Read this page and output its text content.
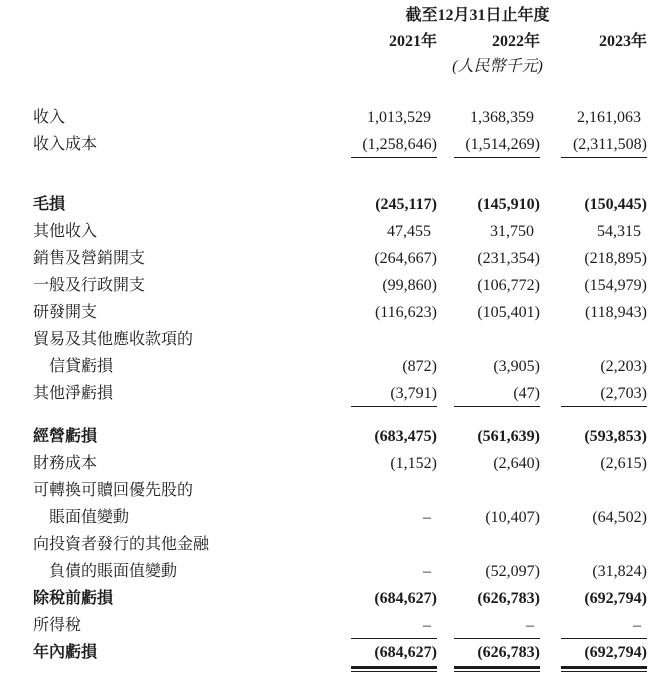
截至12月31日止年度
2021年	2022年	2023年
(人民幣千元)
收入	1,013,529	1,368,359	2,161,063
收入成本	(1,258,646)	(1,514,269)	(2,311,508)
毛損	(245,117)	(145,910)	(150,445)
其他收入	47,455	31,750	54,315
銷售及營銷開支	(264,667)	(231,354)	(218,895)
一般及行政開支	(99,860)	(106,772)	(154,979)
研發開支	(116,623)	(105,401)	(118,943)
貿易及其他應收款項的
信貸虧損	(872)	(3,905)	(2,203)
其他淨虧損	(3,791)	(47)	(2,703)
經營虧損	(683,475)	(561,639)	(593,853)
財務成本	(1,152)	(2,640)	(2,615)
可轉換可贖回優先股的
賬面值變動	–	(10,407)	(64,502)
向投資者發行的其他金融
負債的賬面值變動	–	(52,097)	(31,824)
除稅前虧損	(684,627)	(626,783)	(692,794)
所得稅	–	–	–
年內虧損	(684,627)	(626,783)	(692,794)
